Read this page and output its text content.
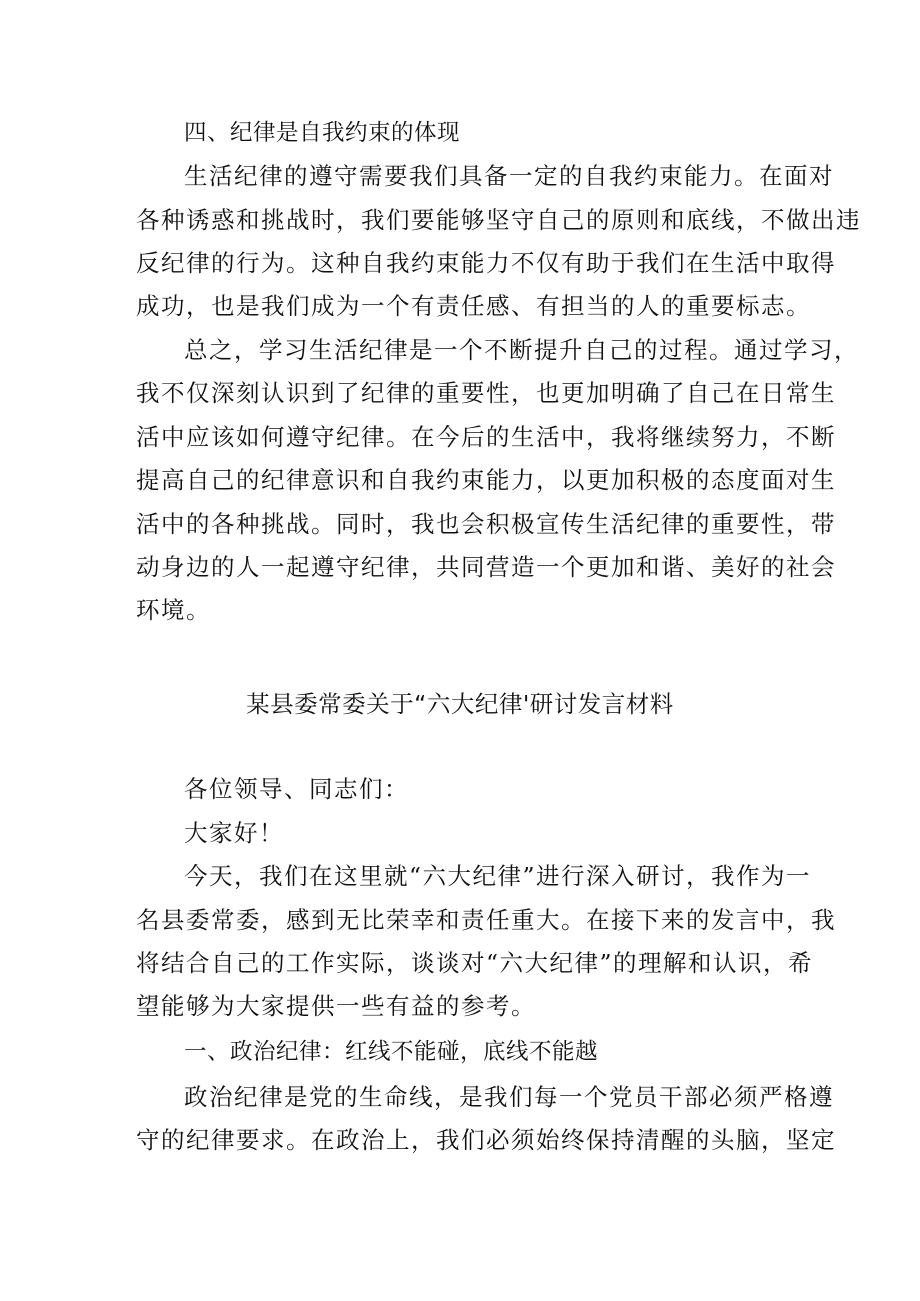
四、纪律是自我约束的体现

生活纪律的遵守需要我们具备一定的自我约束能力。在面对

各种诱惑和挑战时，我们要能够坚守自己的原则和底线，不做出违

反纪律的行为。这种自我约束能力不仅有助于我们在生活中取得

成功，也是我们成为一个有责任感、有担当的人的重要标志。

总之，学习生活纪律是一个不断提升自己的过程。通过学习，

我不仅深刻认识到了纪律的重要性，也更加明确了自己在日常生

活中应该如何遵守纪律。在今后的生活中，我将继续努力，不断

提高自己的纪律意识和自我约束能力，以更加积极的态度面对生

活中的各种挑战。同时，我也会积极宣传生活纪律的重要性，带

动身边的人一起遵守纪律，共同营造一个更加和谐、美好的社会

环境。

某县委常委关于“六大纪律'研讨发言材料

各位领导、同志们：

大家好！

今天，我们在这里就“六大纪律”进行深入研讨，我作为一

名县委常委，感到无比荣幸和责任重大。在接下来的发言中，我

将结合自己的工作实际，谈谈对“六大纪律”的理解和认识，希

望能够为大家提供一些有益的参考。

一、政治纪律：红线不能碰，底线不能越

政治纪律是党的生命线，是我们每一个党员干部必须严格遵

守的纪律要求。在政治上，我们必须始终保持清醒的头脑，坚定
